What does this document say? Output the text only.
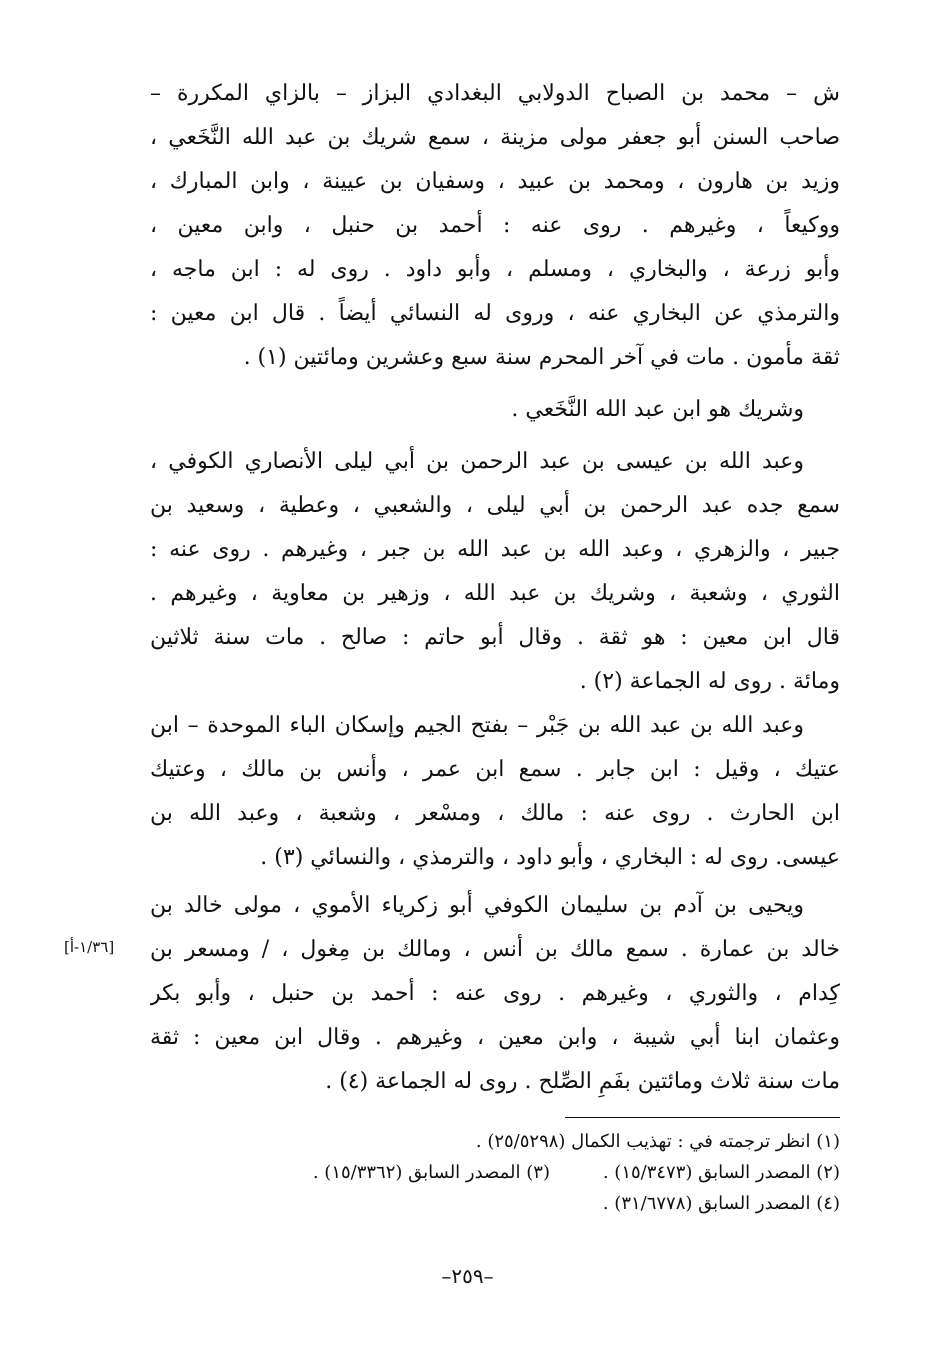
ش – محمد بن الصباح الدولابي البغدادي البزاز – بالزاي المكررة –
صاحب السنن أبو جعفر مولى مزينة ، سمع شريك بن عبد الله النَّخَعي ،
وزيد بن هارون ، ومحمد بن عبيد ، وسفيان بن عيينة ، وابن المبارك ،
ووكيعاً ، وغيرهم . روى عنه : أحمد بن حنبل ، وابن معين ،
وأبو زرعة ، والبخاري ، ومسلم ، وأبو داود . روى له : ابن ماجه ،
والترمذي عن البخاري عنه ، وروى له النسائي أيضاً . قال ابن معين :
ثقة مأمون . مات في آخر المحرم سنة سبع وعشرين ومائتين (١) .
وشريك هو ابن عبد الله النَّخَعي .
وعبد الله بن عيسى بن عبد الرحمن بن أبي ليلى الأنصاري الكوفي ،
سمع جده عبد الرحمن بن أبي ليلى ، والشعبي ، وعطية ، وسعيد بن
جبير ، والزهري ، وعبد الله بن عبد الله بن جبر ، وغيرهم . روى عنه :
الثوري ، وشعبة ، وشريك بن عبد الله ، وزهير بن معاوية ، وغيرهم .
قال ابن معين : هو ثقة . وقال أبو حاتم : صالح . مات سنة ثلاثين
ومائة . روى له الجماعة (٢) .
وعبد الله بن عبد الله بن جَبْر – بفتح الجيم وإسكان الباء الموحدة – ابن
عتيك ، وقيل : ابن جابر . سمع ابن عمر ، وأنس بن مالك ، وعتيك
ابن الحارث . روى عنه : مالك ، ومسْعر ، وشعبة ، وعبد الله بن
عيسى. روى له : البخاري ، وأبو داود ، والترمذي ، والنسائي (٣) .
ويحيى بن آدم بن سليمان الكوفي أبو زكرياء الأموي ، مولى خالد بن
خالد بن عمارة . سمع مالك بن أنس ، ومالك بن مِغول ، / ومسعر بن
كِدام ، والثوري ، وغيرهم . روى عنه : أحمد بن حنبل ، وأبو بكر
وعثمان ابنا أبي شيبة ، وابن معين ، وغيرهم . وقال ابن معين : ثقة
مات سنة ثلاث ومائتين بفَمِ الصِّلح . روى له الجماعة (٤) .
[١/٣٦-أ]
(١) انظر ترجمته في : تهذيب الكمال (٢٥/٥٢٩٨) .
(٢) المصدر السابق (١٥/٣٤٧٣) .
(٣) المصدر السابق (١٥/٣٣٦٢) .
(٤) المصدر السابق (٣١/٦٧٧٨) .
–٢٥٩–
